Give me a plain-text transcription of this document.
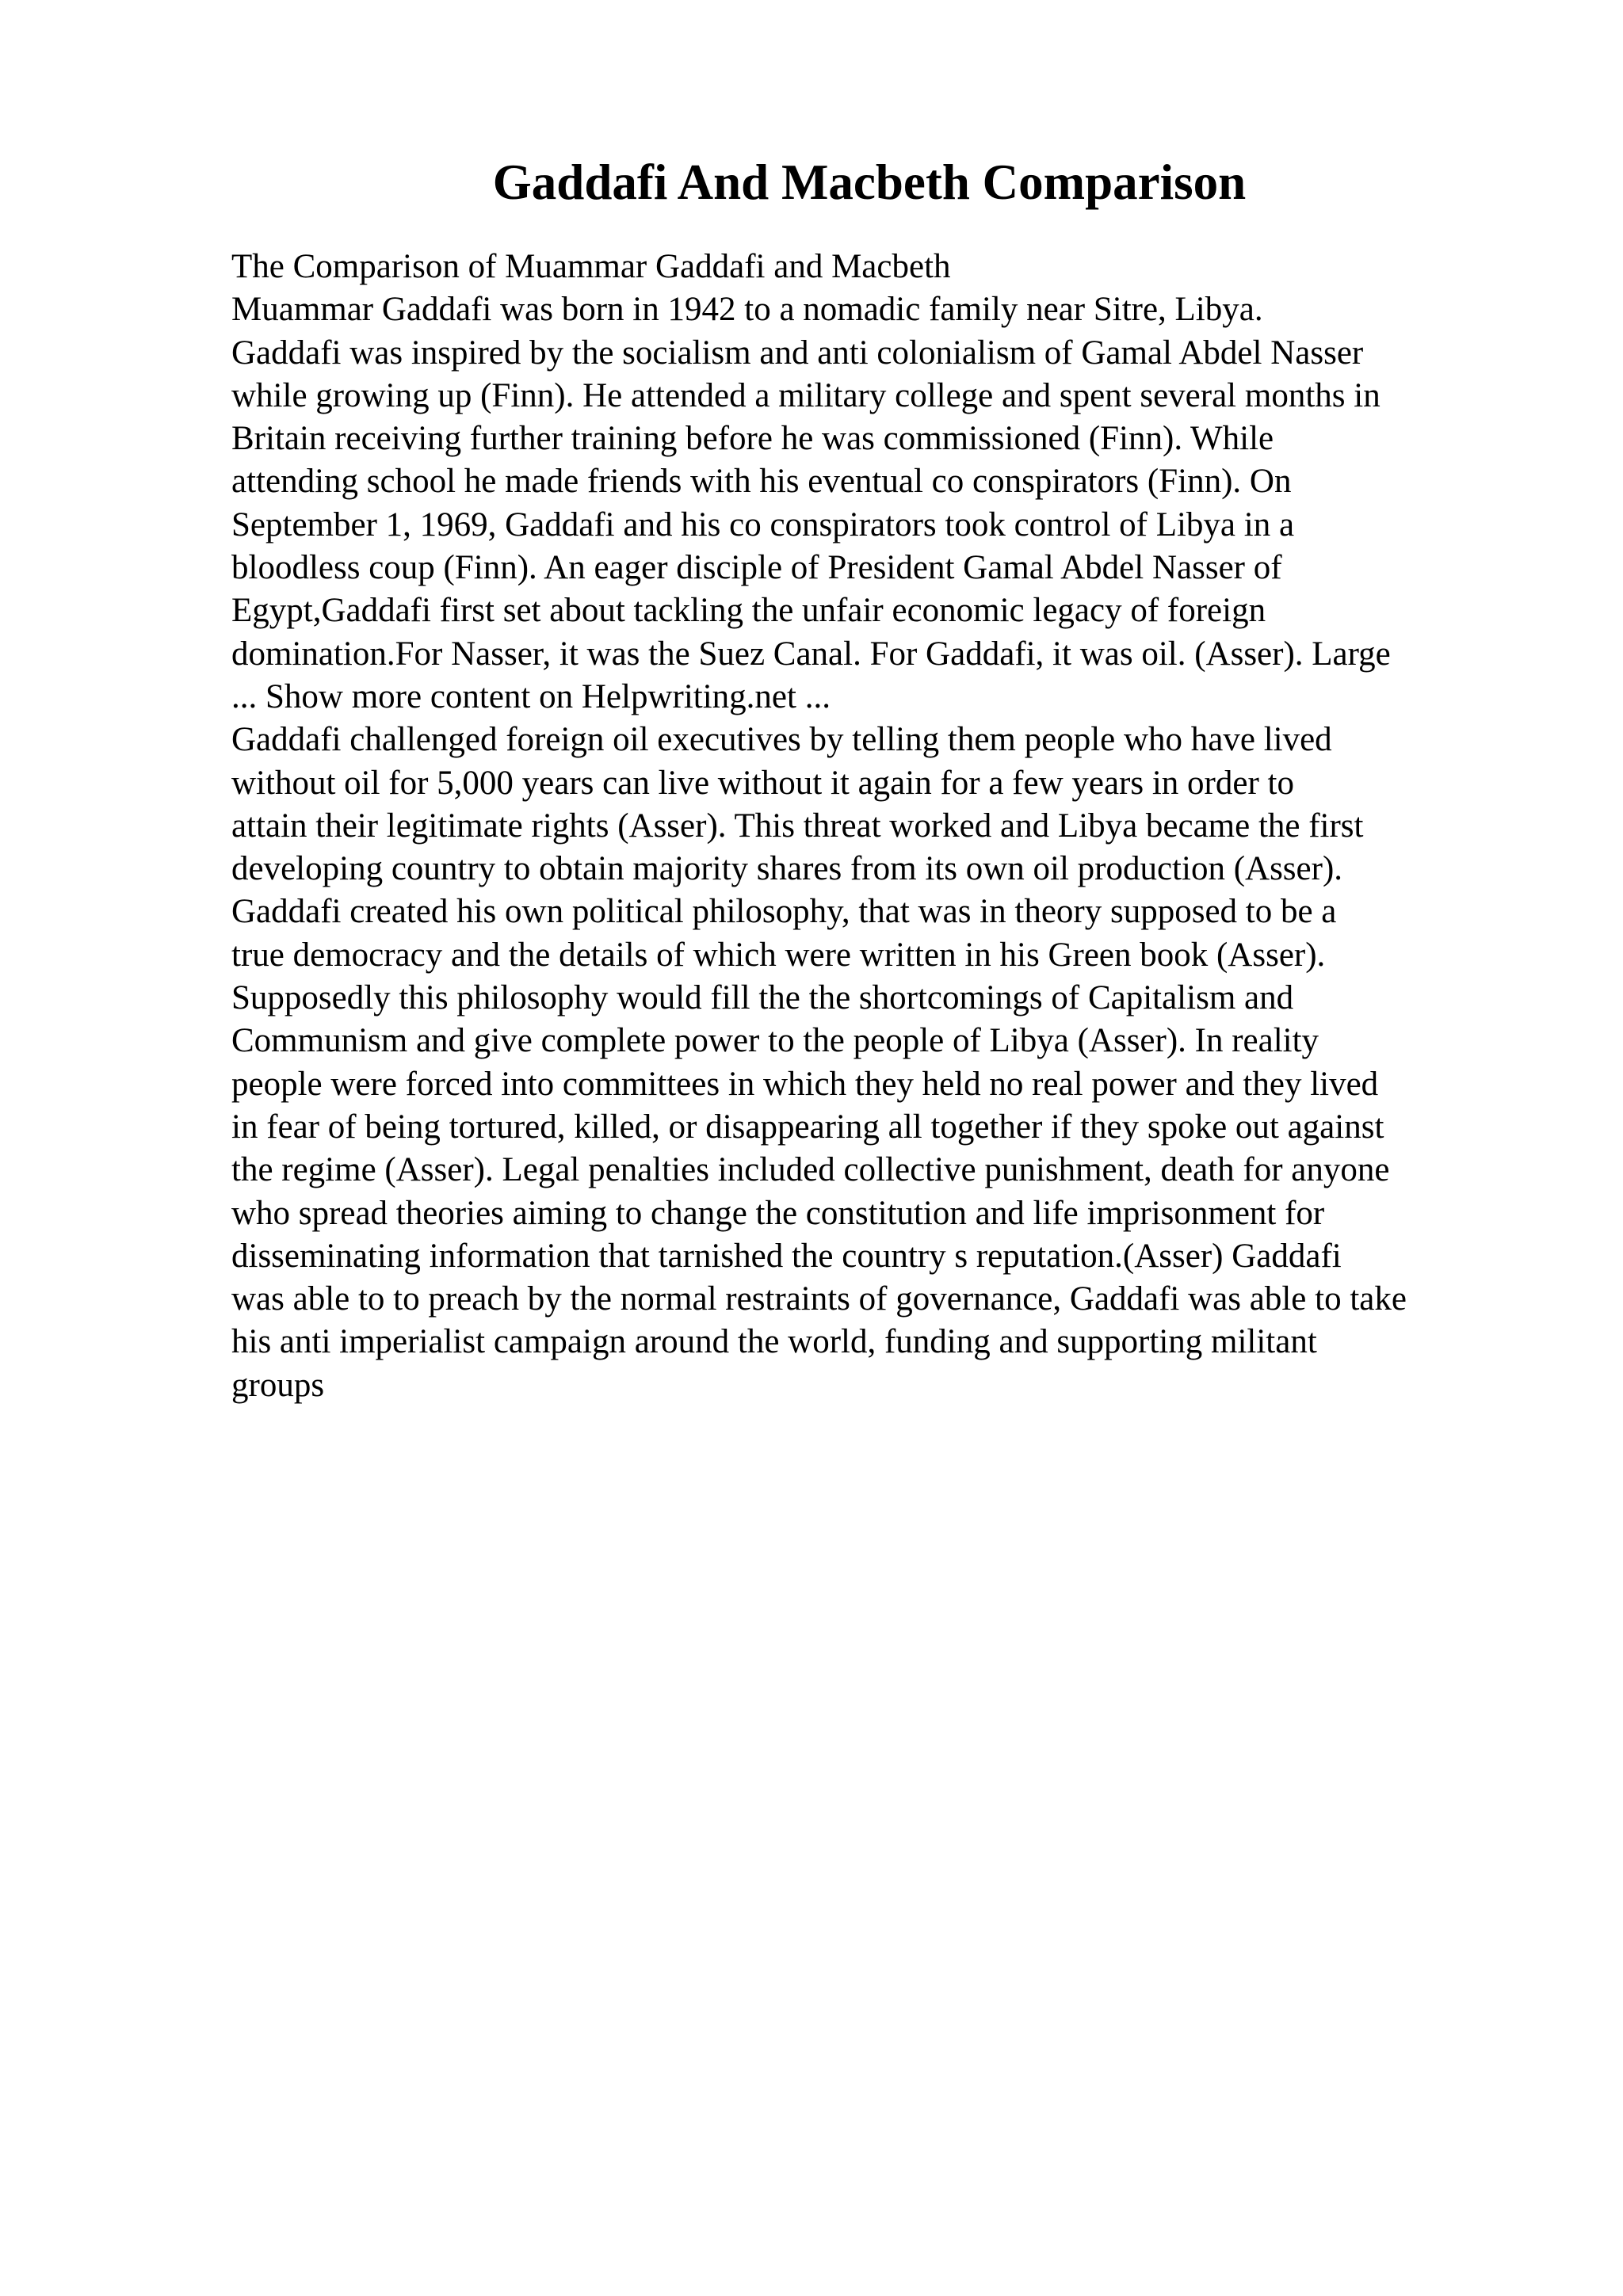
Gaddafi And Macbeth Comparison
The Comparison of Muammar Gaddafi and Macbeth
Muammar Gaddafi was born in 1942 to a nomadic family near Sitre, Libya.
Gaddafi was inspired by the socialism and anti colonialism of Gamal Abdel Nasser
while growing up (Finn). He attended a military college and spent several months in
Britain receiving further training before he was commissioned (Finn). While
attending school he made friends with his eventual co conspirators (Finn). On
September 1, 1969, Gaddafi and his co conspirators took control of Libya in a
bloodless coup (Finn). An eager disciple of President Gamal Abdel Nasser of
Egypt,Gaddafi first set about tackling the unfair economic legacy of foreign
domination.For Nasser, it was the Suez Canal. For Gaddafi, it was oil. (Asser). Large
... Show more content on Helpwriting.net ...
Gaddafi challenged foreign oil executives by telling them people who have lived
without oil for 5,000 years can live without it again for a few years in order to
attain their legitimate rights (Asser). This threat worked and Libya became the first
developing country to obtain majority shares from its own oil production (Asser).
Gaddafi created his own political philosophy, that was in theory supposed to be a
true democracy and the details of which were written in his Green book (Asser).
Supposedly this philosophy would fill the the shortcomings of Capitalism and
Communism and give complete power to the people of Libya (Asser). In reality
people were forced into committees in which they held no real power and they lived
in fear of being tortured, killed, or disappearing all together if they spoke out against
the regime (Asser). Legal penalties included collective punishment, death for anyone
who spread theories aiming to change the constitution and life imprisonment for
disseminating information that tarnished the country s reputation.(Asser) Gaddafi
was able to to preach by the normal restraints of governance, Gaddafi was able to take
his anti imperialist campaign around the world, funding and supporting militant
groups
